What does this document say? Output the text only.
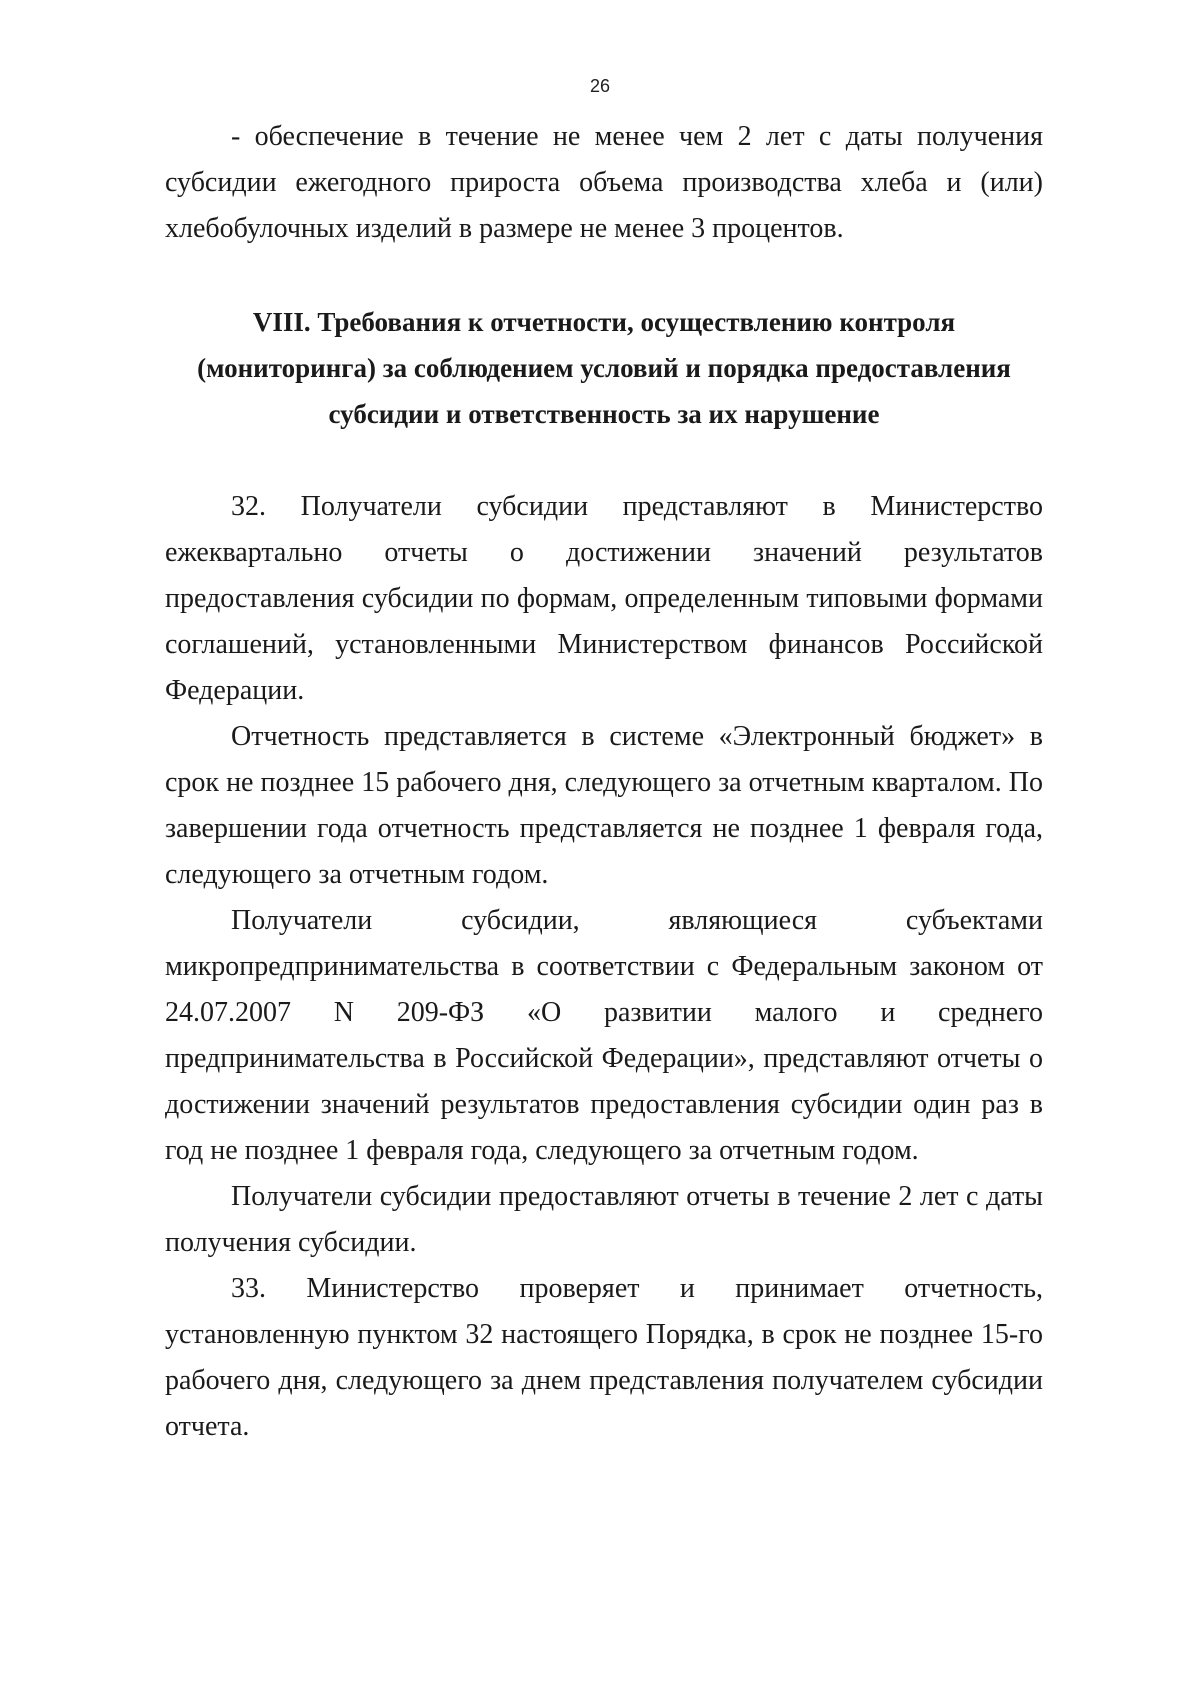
26

- обеспечение в течение не менее чем 2 лет с даты получения субсидии ежегодного прироста объема производства хлеба и (или) хлебобулочных изделий в размере не менее 3 процентов.

VIII. Требования к отчетности, осуществлению контроля
(мониторинга) за соблюдением условий и порядка предоставления
субсидии и ответственность за их нарушение

32. Получатели субсидии представляют в Министерство

ежеквартально отчеты о достижении значений результатов предоставления субсидии по формам, определенным типовыми формами соглашений, установленными Министерством финансов Российской Федерации.

Отчетность представляется в системе «Электронный бюджет» в срок не позднее 15 рабочего дня, следующего за отчетным кварталом. По завершении года отчетность представляется не позднее 1 февраля года, следующего за отчетным годом.

Получатели субсидии, являющиеся субъектами

микропредпринимательства в соответствии с Федеральным законом от 24.07.2007 N 209-ФЗ «О развитии малого и среднего предпринимательства в Российской Федерации», представляют отчеты о достижении значений результатов предоставления субсидии один раз в год не позднее 1 февраля года, следующего за отчетным годом.

Получатели субсидии предоставляют отчеты в течение 2 лет с даты получения субсидии.

33. Министерство проверяет и принимает отчетность, установленную пунктом 32 настоящего Порядка, в срок не позднее 15-го рабочего дня, следующего за днем представления получателем субсидии отчета.
